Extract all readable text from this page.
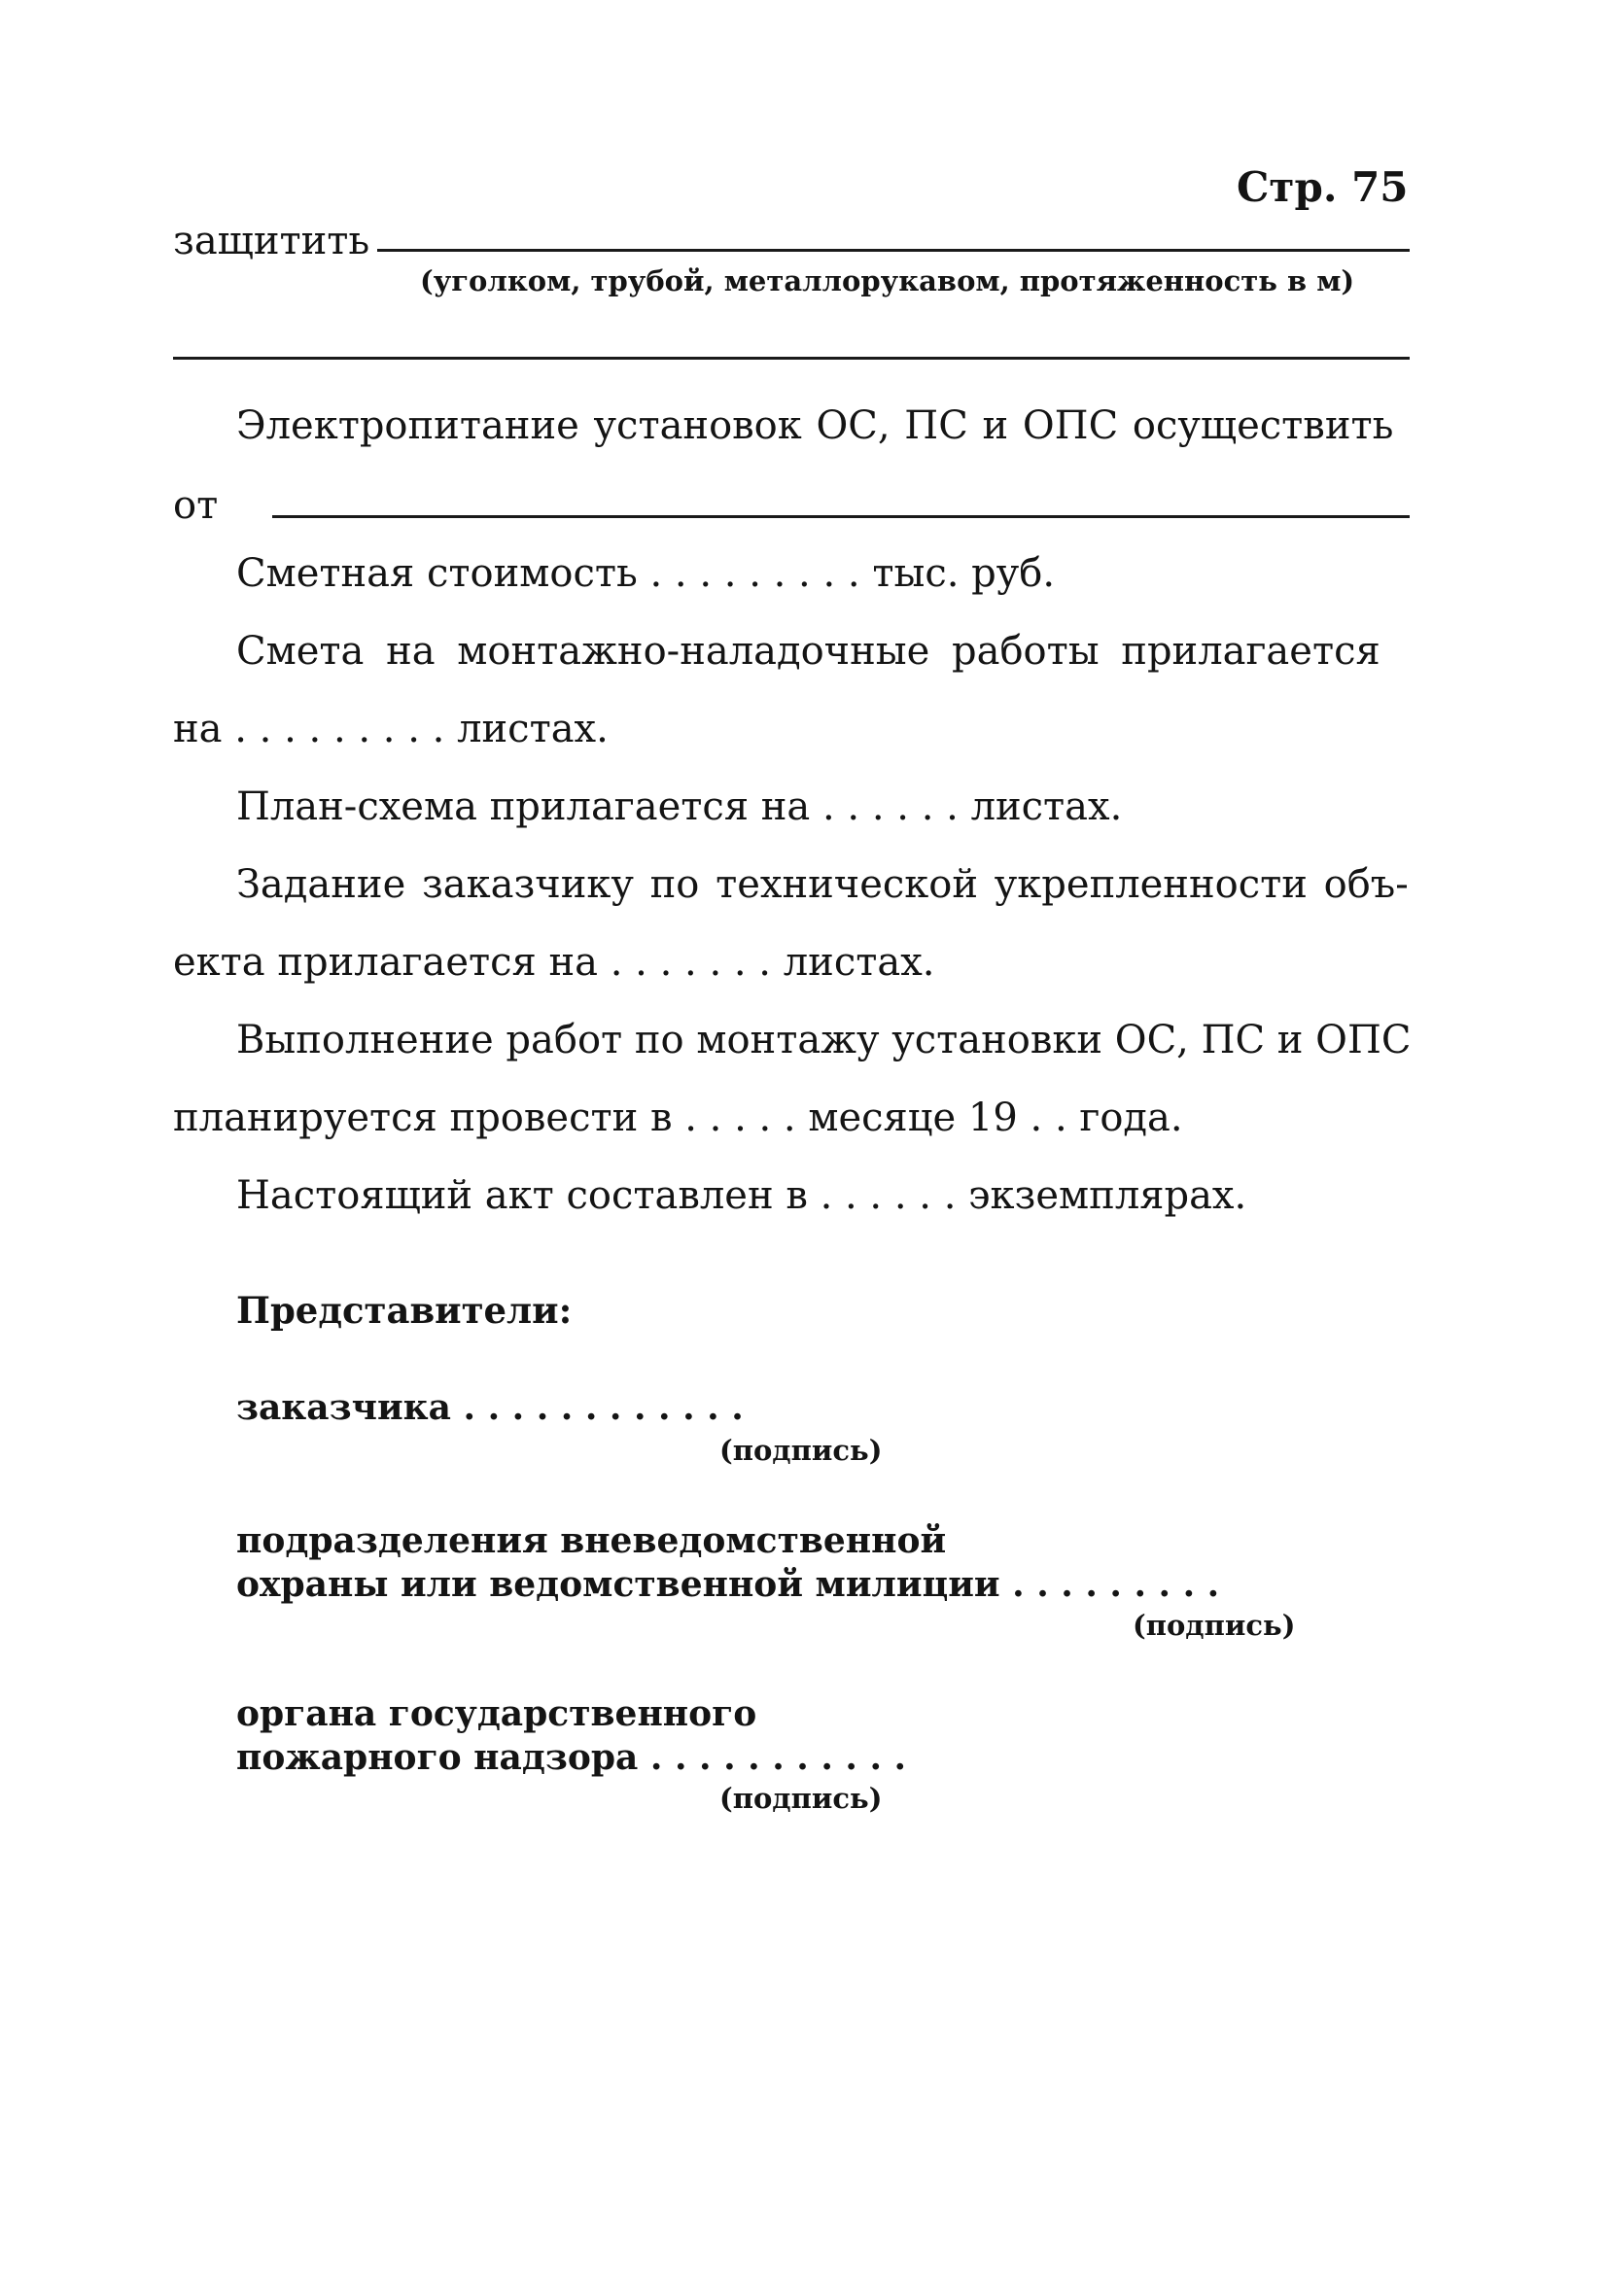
Стр. 75
защитить
(уголком, трубой, металлорукавом, протяженность в м)
Электропитание установок ОС, ПС и ОПС осуществить
от
Сметная стоимость . . . . . . . . . тыс. руб.
Смета на монтажно-наладочные работы прилагается
на . . . . . . . . . листах.
План-схема прилагается на . . . . . . листах.
Задание заказчику по технической укрепленности объ-
екта прилагается на . . . . . . . листах.
Выполнение работ по монтажу установки ОС, ПС и ОПС
планируется провести в . . . . . месяце 19 . . года.
Настоящий акт составлен в . . . . . . экземплярах.
Представители:
заказчика . . . . . . . . . . . .
(подпись)
подразделения вневедомственной
охраны или ведомственной милиции . . . . . . . . .
(подпись)
органа государственного
пожарного надзора . . . . . . . . . . .
(подпись)
